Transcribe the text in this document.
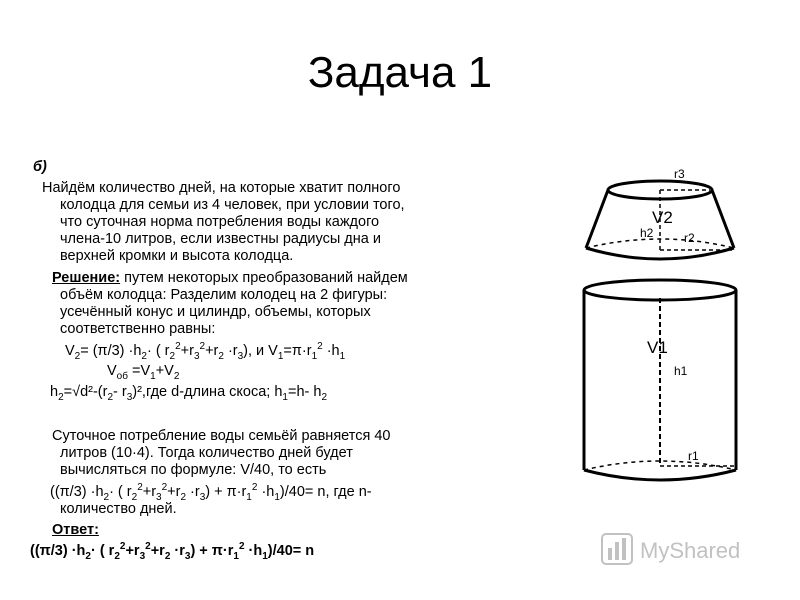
Задача 1
б)
Найдём количество дней, на которые хватит полного
колодца для семьи из 4 человек, при условии того,
что суточная норма потребления воды каждого
члена-10 литров, если известны радиусы дна и
верхней кромки и высота колодца.
Решение: путем некоторых преобразований найдем
объём колодца: Разделим колодец на 2 фигуры:
усечённый конус и цилиндр, объемы, которых
соответственно равны:
$V_2= (\pi/3) \cdot h_2\cdot$ ( $r_2^2+r_3^2+r_2 \cdot r_3$), и $V_1=\pi\cdot r_1^2 \cdot h_1$
$V_{об} =V_1+V_2$
$h_2=√d^2-(r_2-$ $r_3)^2,где$ d-длина скоса; $h_1=h-$ $h_2$
Суточное потребление воды семьёй равняется 40
литров (10·4). Тогда количество дней будет
вычисляться по формуле: V/40, то есть
($(\pi/3) \cdot h_2\cdot$ ( $r_2^2+r_3^2+r_2 \cdot r_3) + \pi\cdot r_1^2 \cdot h_1)/40= n$, где n-
количество дней.
Ответ:
($(\pi/3) \cdot h_2\cdot$ ( $r_2^2+r_3^2+r_2 \cdot r_3) + \pi\cdot r_1^2 \cdot h_1)/40= n$
r3
V2
h2	r2
V1
h1
r1
MyShared
